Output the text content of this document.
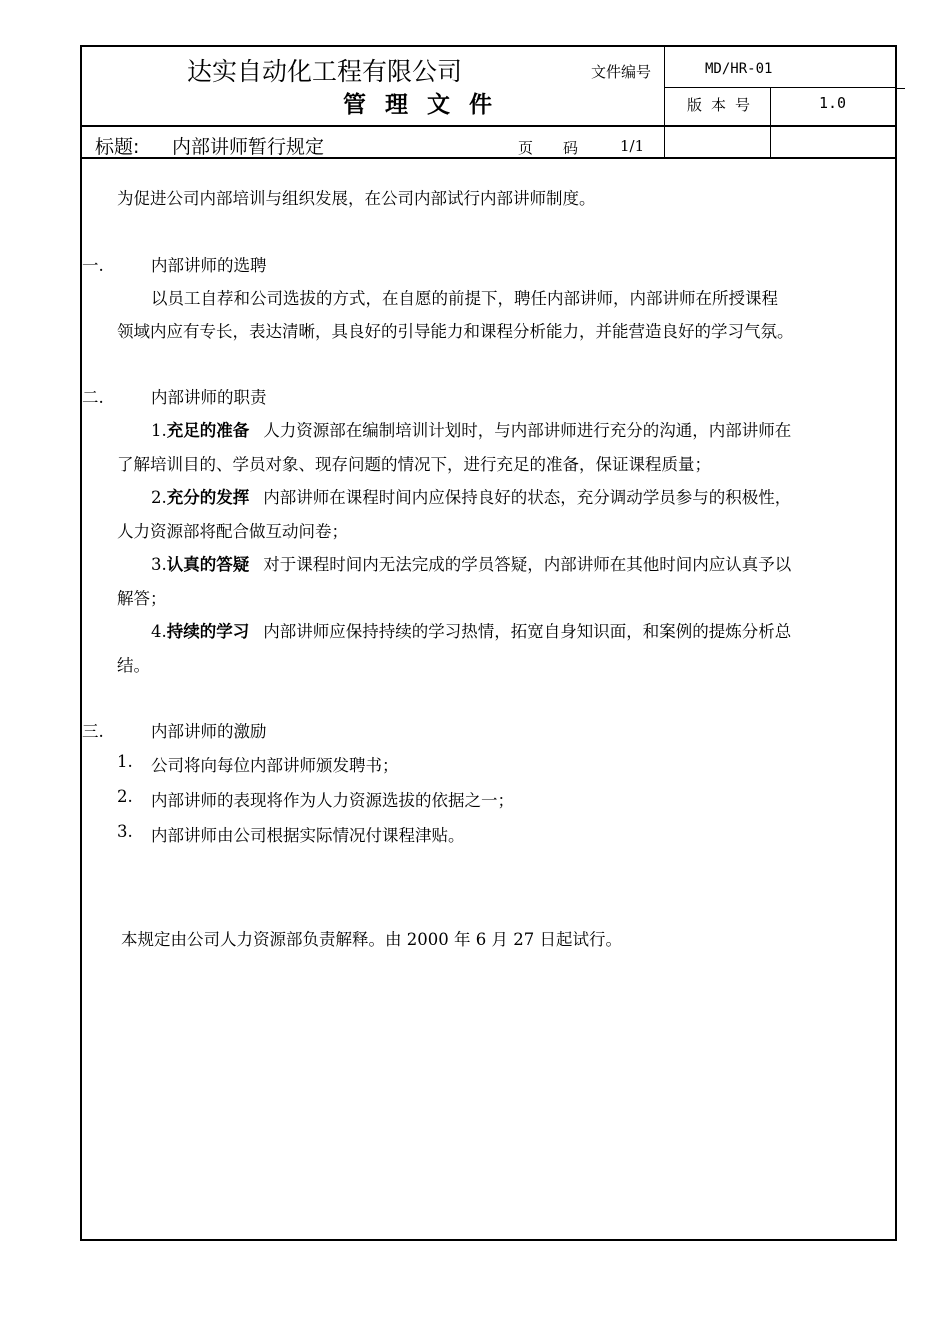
达实自动化工程有限公司
管理文件
文件编号	MD/HR-01
版 本 号	1.0
标题: 内部讲师暂行规定	页　　码	1/1
为促进公司内部培训与组织发展，在公司内部试行内部讲师制度。
一.	内部讲师的选聘
以员工自荐和公司选拔的方式，在自愿的前提下，聘任内部讲师，内部讲师在所授课程
领域内应有专长，表达清晰，具良好的引导能力和课程分析能力，并能营造良好的学习气氛。
二.	内部讲师的职责
1.充足的准备 人力资源部在编制培训计划时，与内部讲师进行充分的沟通，内部讲师在
了解培训目的、学员对象、现存问题的情况下，进行充足的准备，保证课程质量；
2.充分的发挥 内部讲师在课程时间内应保持良好的状态，充分调动学员参与的积极性，
人力资源部将配合做互动问卷；
3.认真的答疑 对于课程时间内无法完成的学员答疑，内部讲师在其他时间内应认真予以
解答；
4.持续的学习 内部讲师应保持持续的学习热情，拓宽自身知识面，和案例的提炼分析总
结。
三.	内部讲师的激励
1. 公司将向每位内部讲师颁发聘书；
2. 内部讲师的表现将作为人力资源选拔的依据之一；
3. 内部讲师由公司根据实际情况付课程津贴。
本规定由公司人力资源部负责解释。由 2000 年 6 月 27 日起试行。
